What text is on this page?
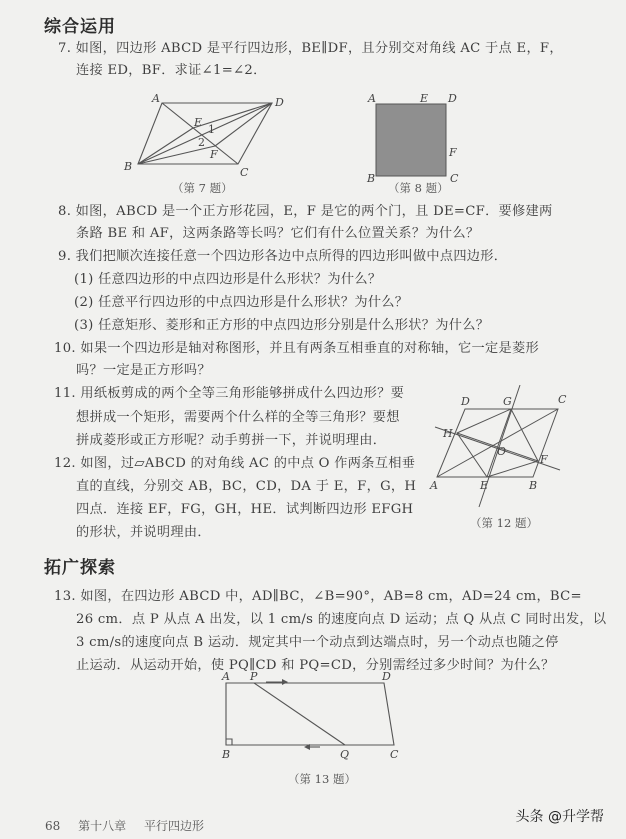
综合运用
7. 如图，四边形 ABCD 是平行四边形，BE∥DF，且分别交对角线 AC 于点 E，F，
连接 ED，BF．求证∠1=∠2．
A	D
B	C
E
F
1
2
（第 7 题）
A	E D
F
B	C
（第 8 题）
8. 如图，ABCD 是一个正方形花园，E，F 是它的两个门，且 DE=CF．要修建两
条路 BE 和 AF，这两条路等长吗？它们有什么位置关系？为什么？
9. 我们把顺次连接任意一个四边形各边中点所得的四边形叫做中点四边形．
(1) 任意四边形的中点四边形是什么形状？为什么？
(2) 任意平行四边形的中点四边形是什么形状？为什么？
(3) 任意矩形、菱形和正方形的中点四边形分别是什么形状？为什么？
10. 如果一个四边形是轴对称图形，并且有两条互相垂直的对称轴，它一定是菱形
吗？一定是正方形吗？
11. 用纸板剪成的两个全等三角形能够拼成什么四边形？要
想拼成一个矩形，需要两个什么样的全等三角形？要想
拼成菱形或正方形呢？动手剪拼一下，并说明理由．
12. 如图，过▱ABCD 的对角线 AC 的中点 O 作两条互相垂
直的直线，分别交 AB，BC，CD，DA 于 E，F，G，H
四点．连接 EF，FG，GH，HE．试判断四边形 EFGH
的形状，并说明理由．
D	G	C
H
O
F
A	E	B
（第 12 题）
拓广探索
13. 如图，在四边形 ABCD 中，AD∥BC，∠B=90°，AB=8 cm，AD=24 cm，BC=
26 cm．点 P 从点 A 出发，以 1 cm/s 的速度向点 D 运动；点 Q 从点 C 同时出发，以
3 cm/s的速度向点 B 运动．规定其中一个动点到达端点时，另一个动点也随之停
止运动．从运动开始，使 PQ∥CD 和 PQ=CD，分别需经过多少时间？为什么？
A P	D
B	Q	C
（第 13 题）
68 第十八章 平行四边形
头条 @升学帮
